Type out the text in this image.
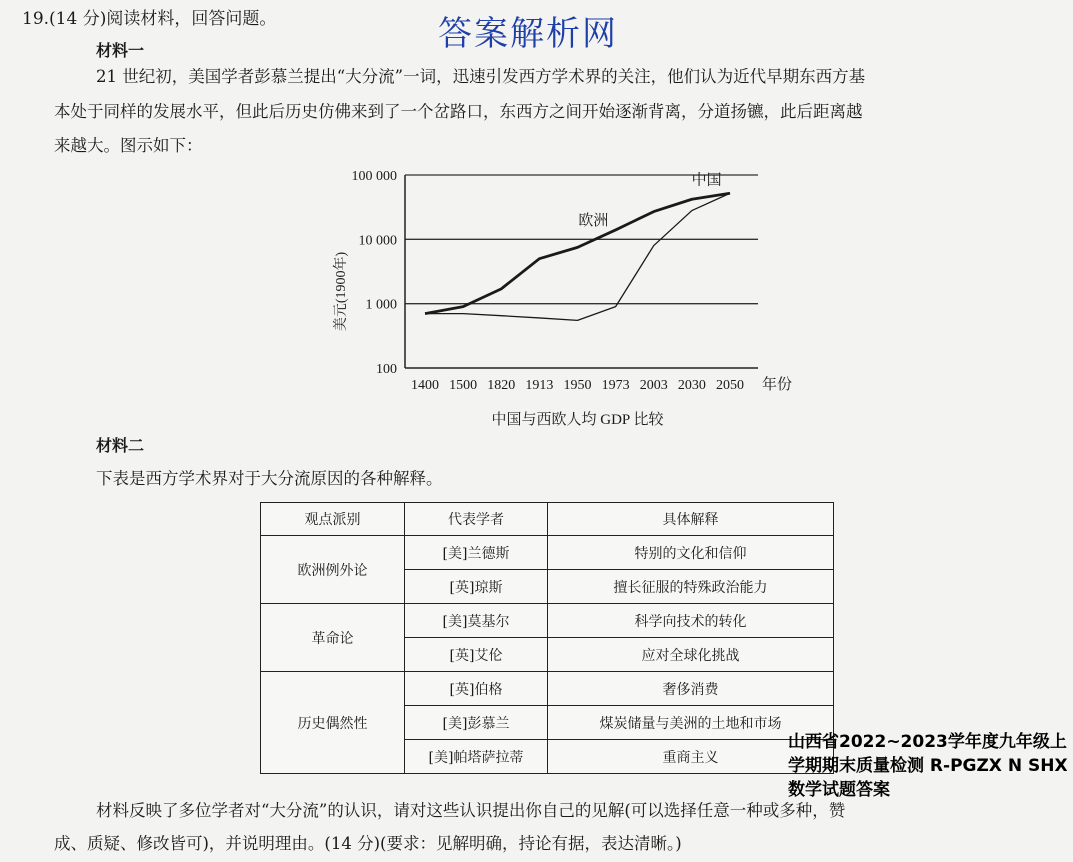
19.(14 分)阅读材料，回答问题。	答案解析网
材料一
21 世纪初，美国学者彭慕兰提出“大分流”一词，迅速引发西方学术界的关注，他们认为近代早期东西方基
本处于同样的发展水平，但此后历史仿佛来到了一个岔路口，东西方之间开始逐渐背离，分道扬镳，此后距离越
来越大。图示如下：
100
1 000
10 000
100 000
1400 1500 1820 1913 1950 1973 2003 2030 2050 年份
美元(1900年)
中国与西欧人均 GDP 比较
欧洲
中国
材料二
下表是西方学术界对于大分流原因的各种解释。
观点派别	代表学者	具体解释
欧洲例外论	[美]兰德斯	特别的文化和信仰
	[英]琼斯	擅长征服的特殊政治能力
革命论	[美]莫基尔	科学向技术的转化
	[英]艾伦	应对全球化挑战
历史偶然性	[英]伯格	奢侈消费
	[美]彭慕兰	煤炭储量与美洲的土地和市场
	[美]帕塔萨拉蒂	重商主义
材料反映了多位学者对“大分流”的认识，请对这些认识提出你自己的见解(可以选择任意一种或多种，赞
成、质疑、修改皆可)，并说明理由。(14 分)(要求：见解明确，持论有据，表达清晰。)
山西省2022~2023学年度九年级上学期期末质量检测 R-PGZX N SHX数学试题答案
